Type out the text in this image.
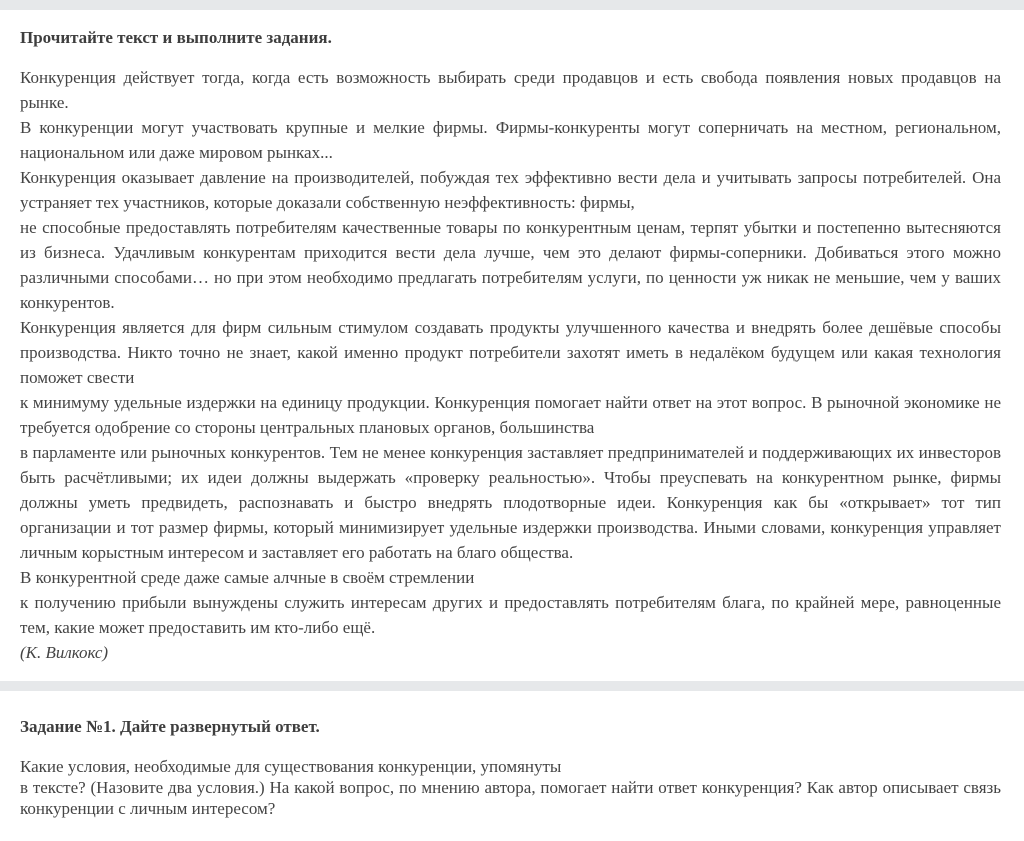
Прочитайте текст и выполните задания.

Конкуренция действует тогда, когда есть возможность выбирать среди продавцов и есть свобода появления новых продавцов на рынке.

В конкуренции могут участвовать крупные и мелкие фирмы. Фирмы-конкуренты могут соперничать на местном, региональном, национальном или даже мировом рынках...

Конкуренция оказывает давление на производителей, побуждая тех эффективно вести дела и учитывать запросы потребителей. Она устраняет тех участников, которые доказали собственную неэффективность: фирмы,

не способные предоставлять потребителям качественные товары по конкурентным ценам, терпят убытки и постепенно вытесняются из бизнеса. Удачливым конкурентам приходится вести дела лучше, чем это делают фирмы-соперники. Добиваться этого можно различными способами… но при этом необходимо предлагать потребителям услуги, по ценности уж никак не меньшие, чем у ваших конкурентов.

Конкуренция является для фирм сильным стимулом создавать продукты улучшенного качества и внедрять более дешёвые способы производства. Никто точно не знает, какой именно продукт потребители захотят иметь в недалёком будущем или какая технология поможет свести

к минимуму удельные издержки на единицу продукции. Конкуренция помогает найти ответ на этот вопрос. В рыночной экономике не требуется одобрение со стороны центральных плановых органов, большинства

в парламенте или рыночных конкурентов. Тем не менее конкуренция заставляет предпринимателей и поддерживающих их инвесторов быть расчётливыми; их идеи должны выдержать «проверку реальностью». Чтобы преуспевать на конкурентном рынке, фирмы должны уметь предвидеть, распознавать и быстро внедрять плодотворные идеи. Конкуренция как бы «открывает» тот тип организации и тот размер фирмы, который минимизирует удельные издержки производства. Иными словами, конкуренция управляет личным корыстным интересом и заставляет его работать на благо общества.

В конкурентной среде даже самые алчные в своём стремлении

к получению прибыли вынуждены служить интересам других и предоставлять потребителям блага, по крайней мере, равноценные тем, какие может предоставить им кто-либо ещё.

(К. Вилкокс)

Задание №1. Дайте развернутый ответ.

Какие условия, необходимые для существования конкуренции, упомянуты

в тексте? (Назовите два условия.) На какой вопрос, по мнению автора, помогает найти ответ конкуренция? Как автор описывает связь конкуренции с личным интересом?
